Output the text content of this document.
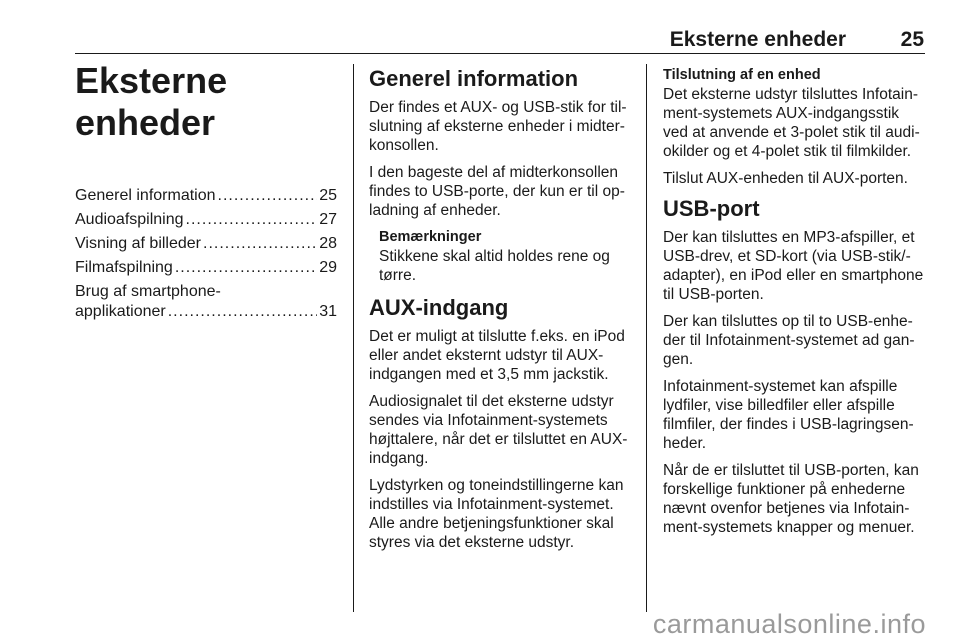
Eksterne enheder	25
Eksterne enheder
Generel information .....	25
Audioafspilning .....	27
Visning af billeder .....	28
Filmafspilning .....	29
Brug af smartphone-
applikationer .....	31
Generel information

Der findes et AUX- og USB-stik for tilslutning af eksterne enheder i midterkonsollen.

I den bageste del af midterkonsollen findes to USB-porte, der kun er til opladning af enheder.

Bemærkninger

Stikkene skal altid holdes rene og tørre.

AUX-indgang

Det er muligt at tilslutte f.eks. en iPod eller andet eksternt udstyr til AUX-indgangen med et 3,5 mm jackstik.

Audiosignalet til det eksterne udstyr sendes via Infotainment-systemets højttalere, når det er tilsluttet en AUX-indgang.

Lydstyrken og toneindstillingerne kan indstilles via Infotainment-systemet. Alle andre betjeningsfunktioner skal styres via det eksterne udstyr.

Tilslutning af en enhed

Det eksterne udstyr tilsluttes Infotainment-systemets AUX-indgangsstik ved at anvende et 3-polet stik til audiokilder og et 4-polet stik til filmkilder.

Tilslut AUX-enheden til AUX-porten.

USB-port

Der kan tilsluttes en MP3-afspiller, et USB-drev, et SD-kort (via USB-stik/-adapter), en iPod eller en smartphone til USB-porten.

Der kan tilsluttes op til to USB-enheder til Infotainment-systemet ad gangen.

Infotainment-systemet kan afspille lydfiler, vise billedfiler eller afspille filmfiler, der findes i USB-lagringsenheder.

Når de er tilsluttet til USB-porten, kan forskellige funktioner på enhederne nævnt ovenfor betjenes via Infotainment-systemets knapper og menuer.

carmanualsonline.info
